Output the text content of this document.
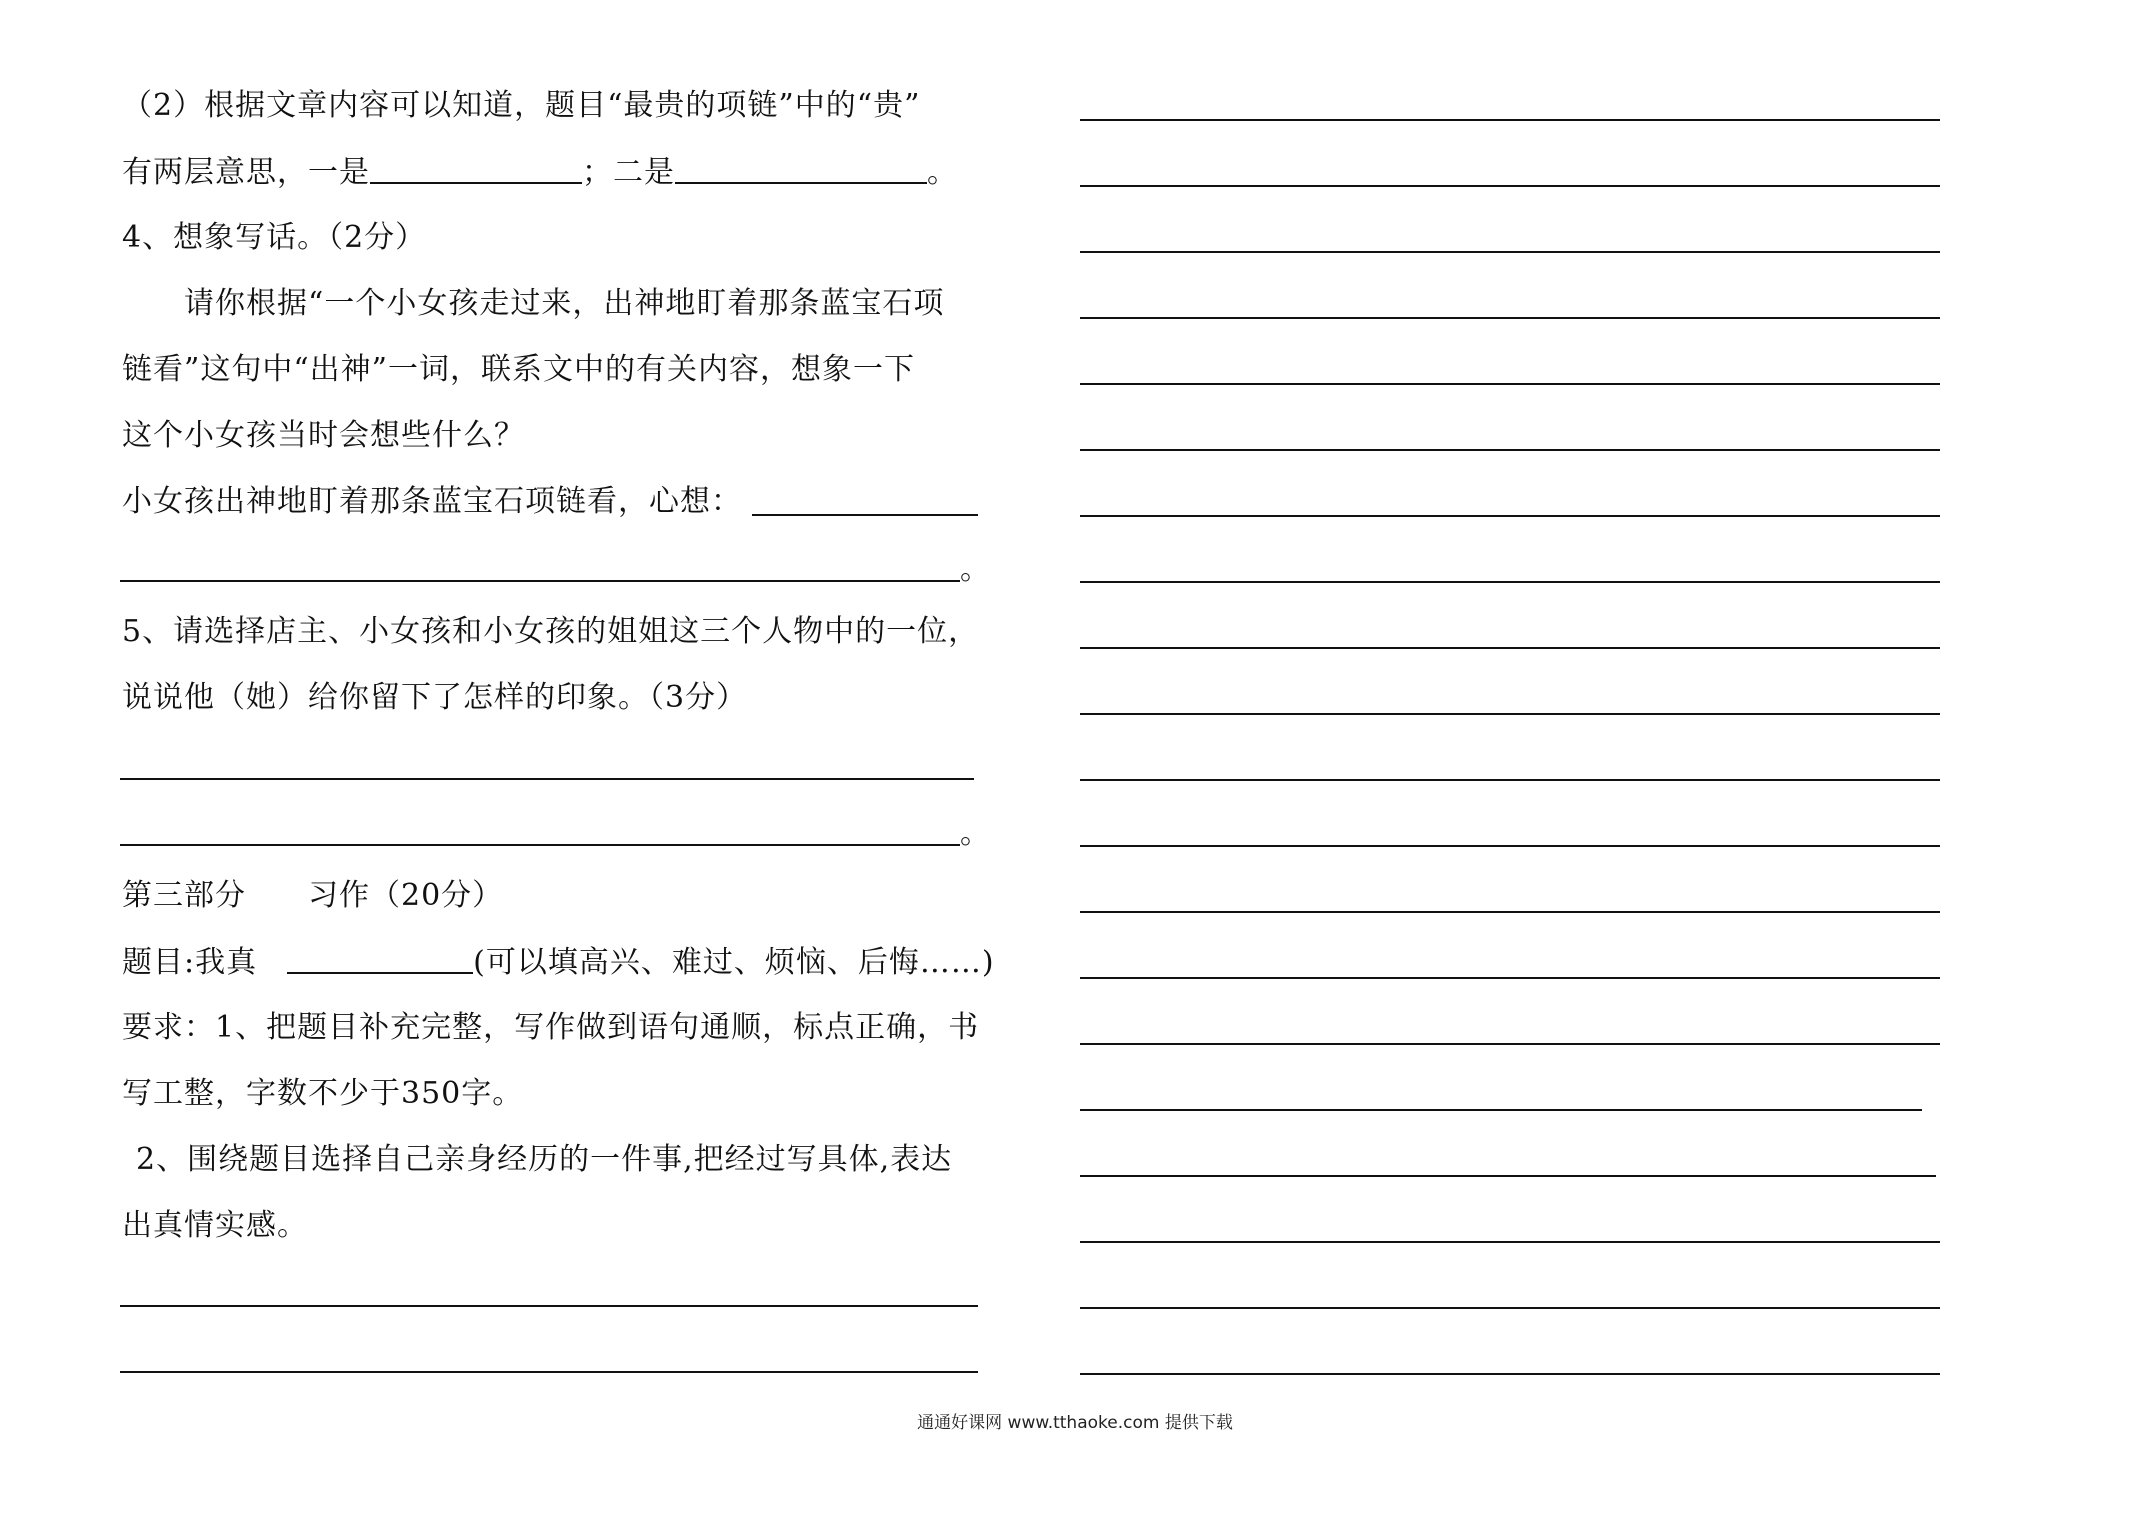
（2）根据文章内容可以知道，题目“最贵的项链”中的“贵”
有两层意思，一是	；二是	。
4、想象写话。（2分）
请你根据“一个小女孩走过来，出神地盯着那条蓝宝石项
链看”这句中“出神”一词，联系文中的有关内容，想象一下
这个小女孩当时会想些什么？
小女孩出神地盯着那条蓝宝石项链看，心想：
。
5、请选择店主、小女孩和小女孩的姐姐这三个人物中的一位，
说说他（她）给你留下了怎样的印象。（3分）
。
第三部分　　习作（20分）
题目:我真	(可以填高兴、难过、烦恼、后悔……)
要求：1、把题目补充完整，写作做到语句通顺，标点正确，书
写工整，字数不少于350字。
2、围绕题目选择自己亲身经历的一件事,把经过写具体,表达
出真情实感。
通通好课网 www.tthaoke.com 提供下载
